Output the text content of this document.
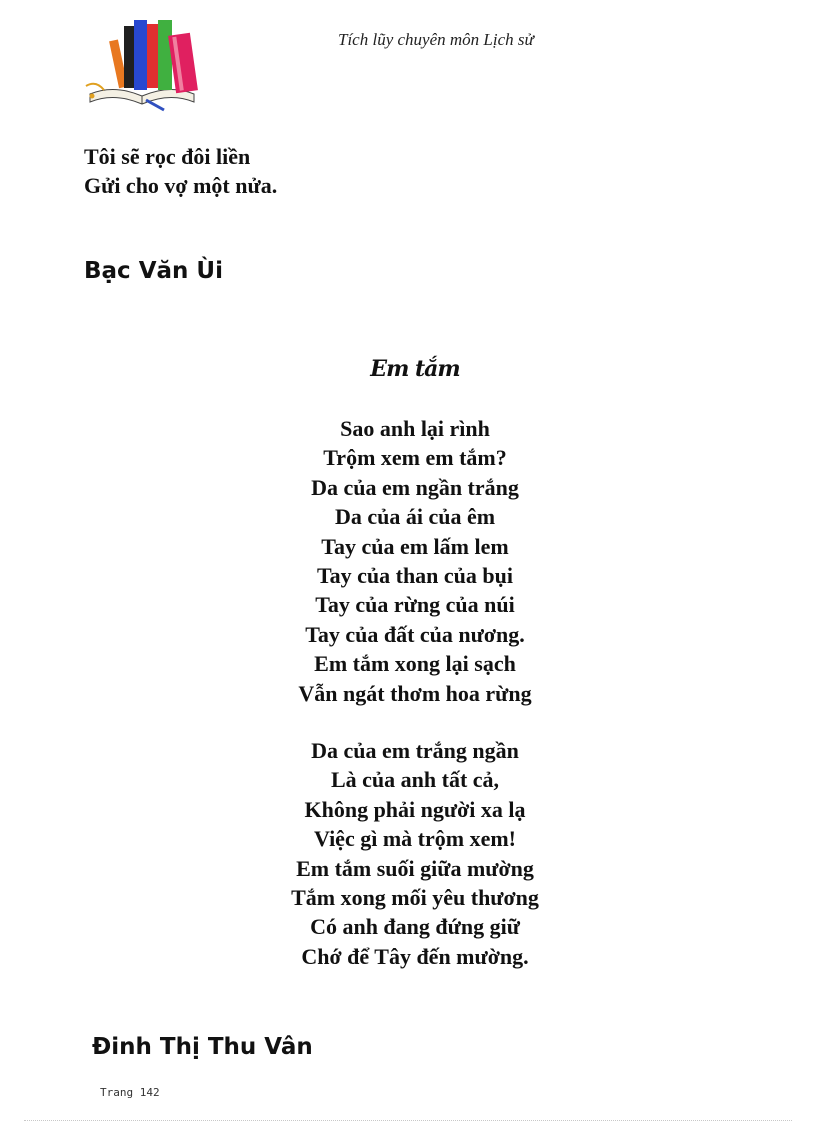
Tích lũy chuyên môn Lịch sử
Tôi sẽ rọc đôi liền
Gửi cho vợ một nửa.
Bạc Văn Ùi
Em tắm
Sao anh lại rình
Trộm xem em tắm?
Da của em ngần trắng
Da của ái của êm
Tay của em lấm lem
Tay của than của bụi
Tay của rừng của núi
Tay của đất của nương.
Em tắm xong lại sạch
Vẫn ngát thơm hoa rừng
Da của em trắng ngần
Là của anh tất cả,
Không phải người xa lạ
Việc gì mà trộm xem!
Em tắm suối giữa mường
Tắm xong mối yêu thương
Có anh đang đứng giữ
Chớ để Tây đến mường.
Đinh Thị Thu Vân
Trang 142
